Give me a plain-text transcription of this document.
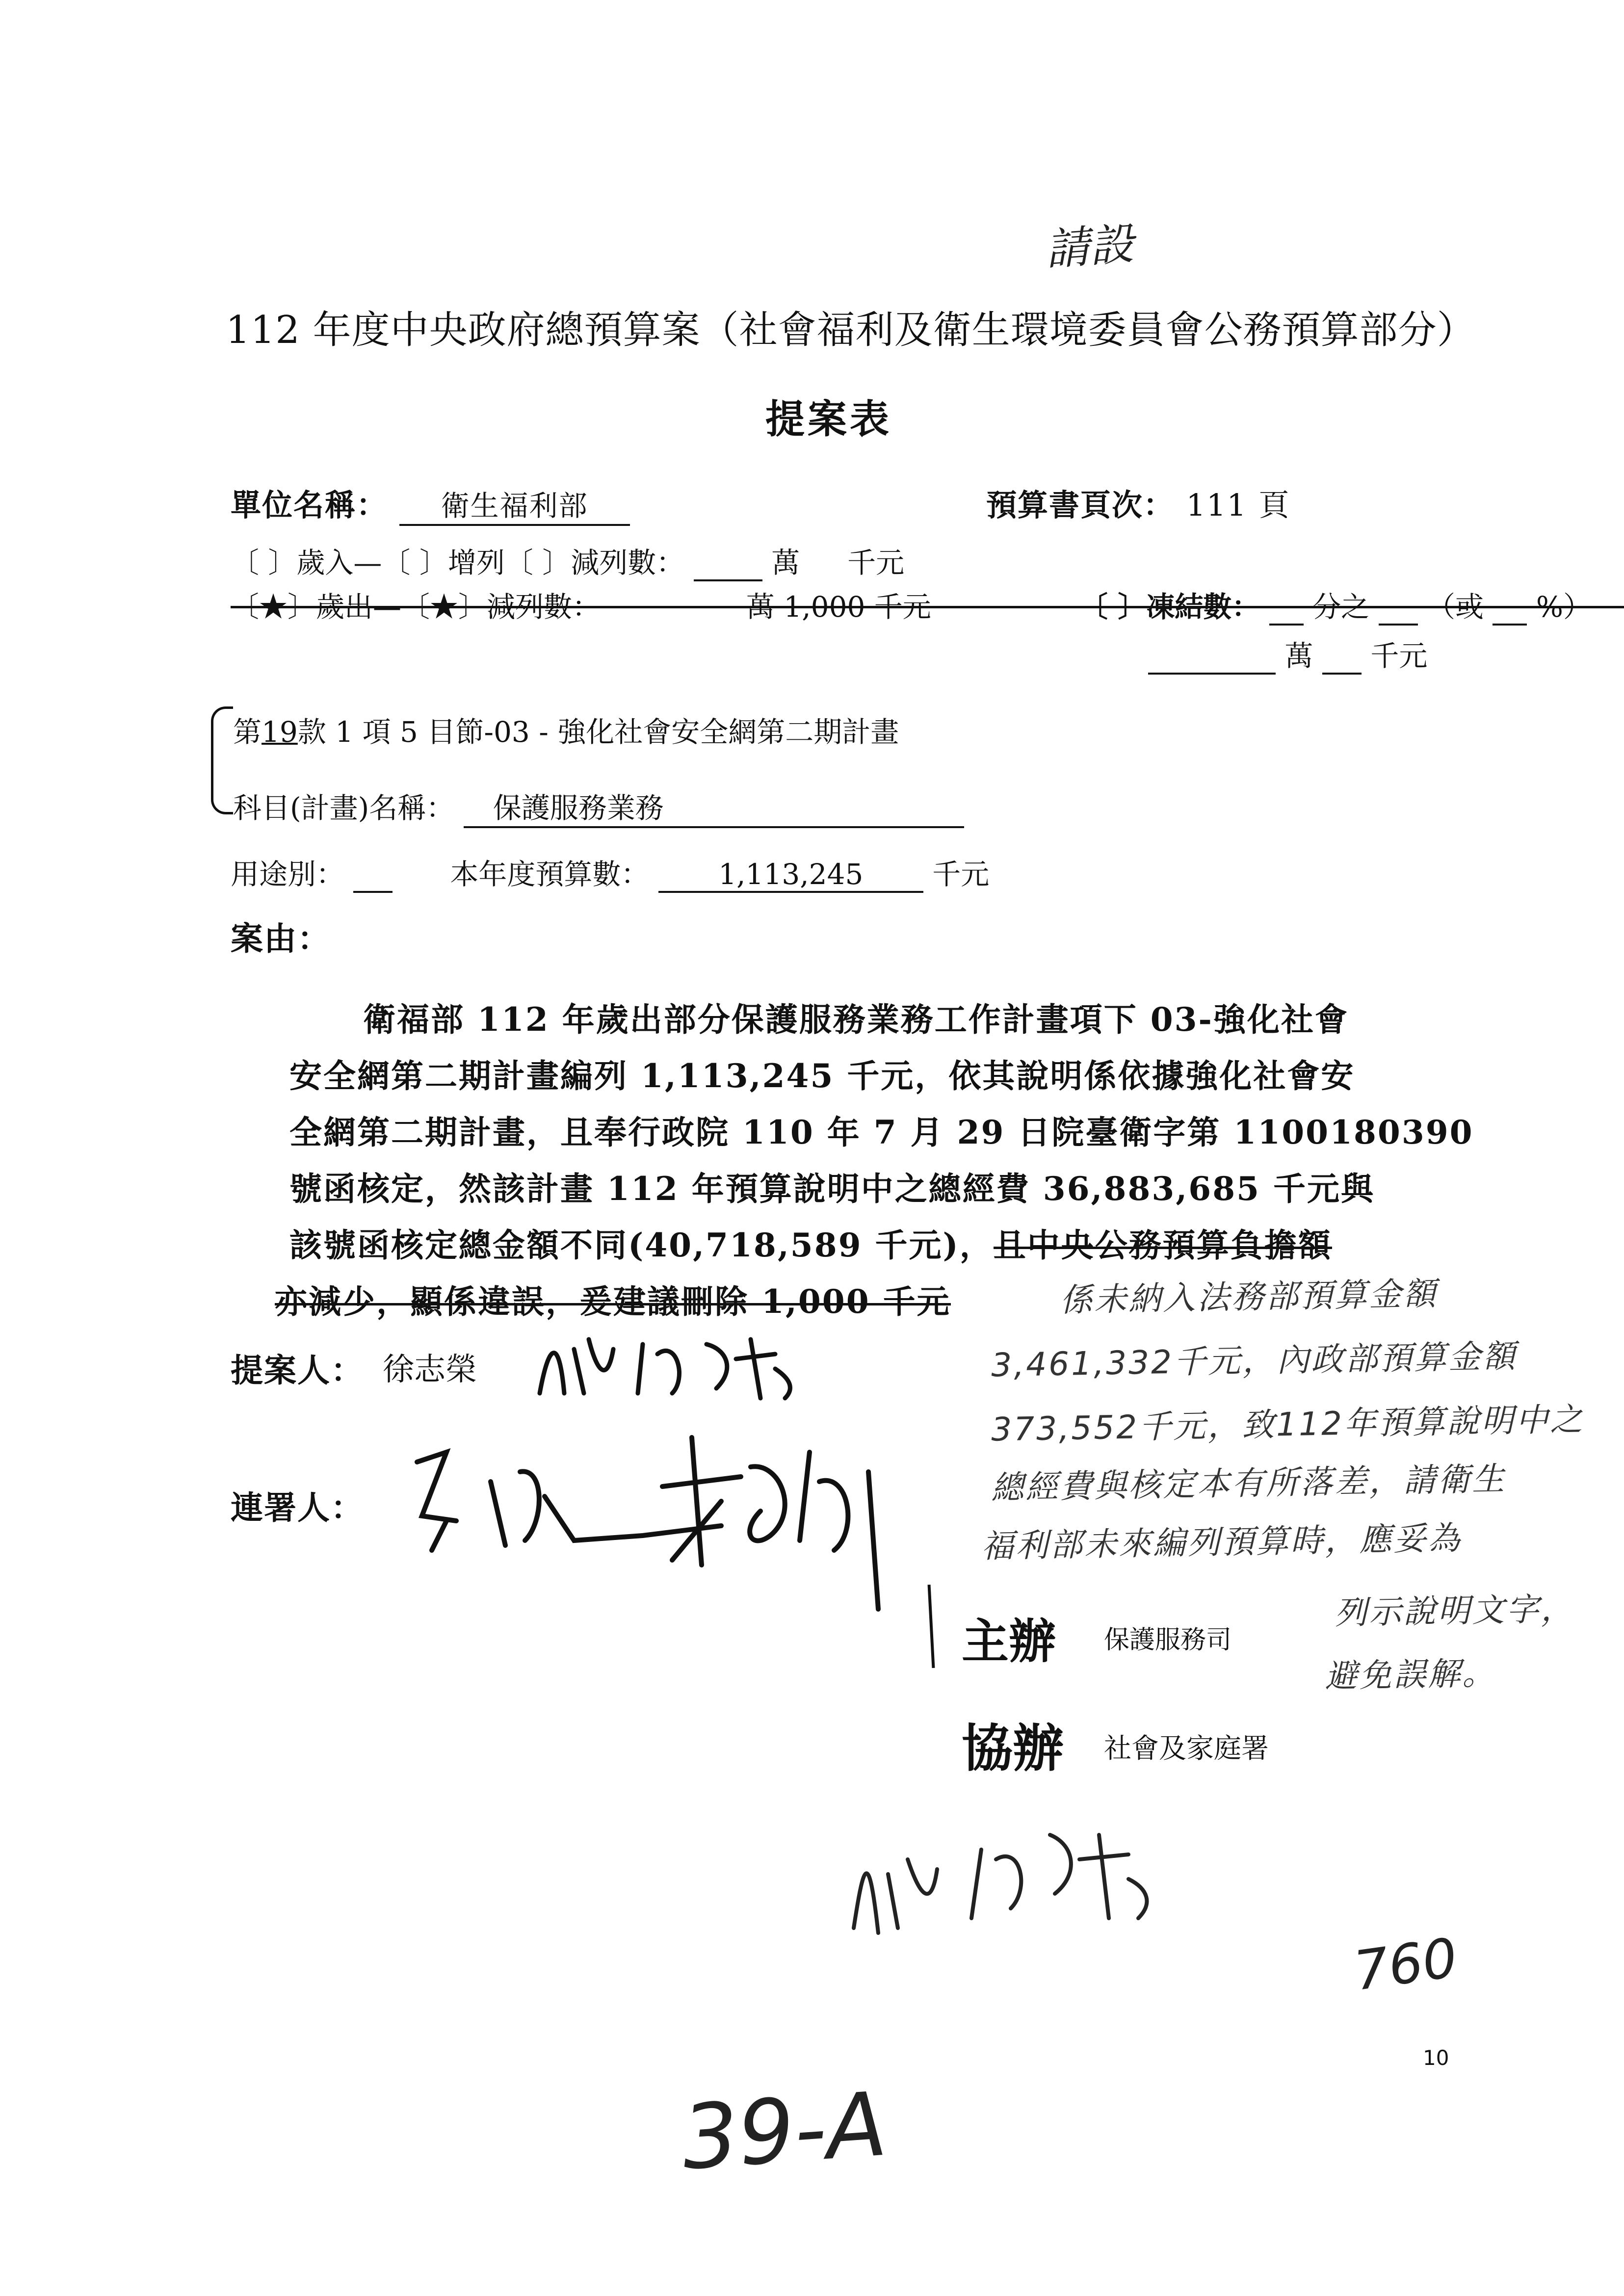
請設
112 年度中央政府總預算案（社會福利及衛生環境委員會公務預算部分）
提案表
單位名稱： 衛生福利部	預算書頁次： 111 頁
〔 〕歲入—〔 〕增列〔 〕減列數：	萬 千元
〔★〕歲出—〔★〕減列數：	萬 1,000 千元	〔 〕凍結數： 分之 （或 %）
萬 千元
第19款 1 項 5 目節-03 - 強化社會安全網第二期計畫
科目(計畫)名稱： 保護服務業務
用途別：	本年度預算數： 1,113,245 千元
案由：
衛福部 112 年歲出部分保護服務業務工作計畫項下 03-強化社會
安全網第二期計畫編列 1,113,245 千元，依其說明係依據強化社會安
全網第二期計畫，且奉行政院 110 年 7 月 29 日院臺衛字第 1100180390
號函核定，然該計畫 112 年預算說明中之總經費 36,883,685 千元與
該號函核定總金額不同(40,718,589 千元)，且中央公務預算負擔額
亦減少，顯係違誤，爰建議刪除 1,000 千元	係未納入法務部預算金額
3,461,332千元，內政部預算金額
373,552千元，致112年預算說明中之
總經費與核定本有所落差，請衛生
福利部未來編列預算時，應妥為
列示說明文字，
避免誤解。
提案人： 徐志榮
連署人：
主辦 保護服務司
協辦 社會及家庭署
760
10
39-A
